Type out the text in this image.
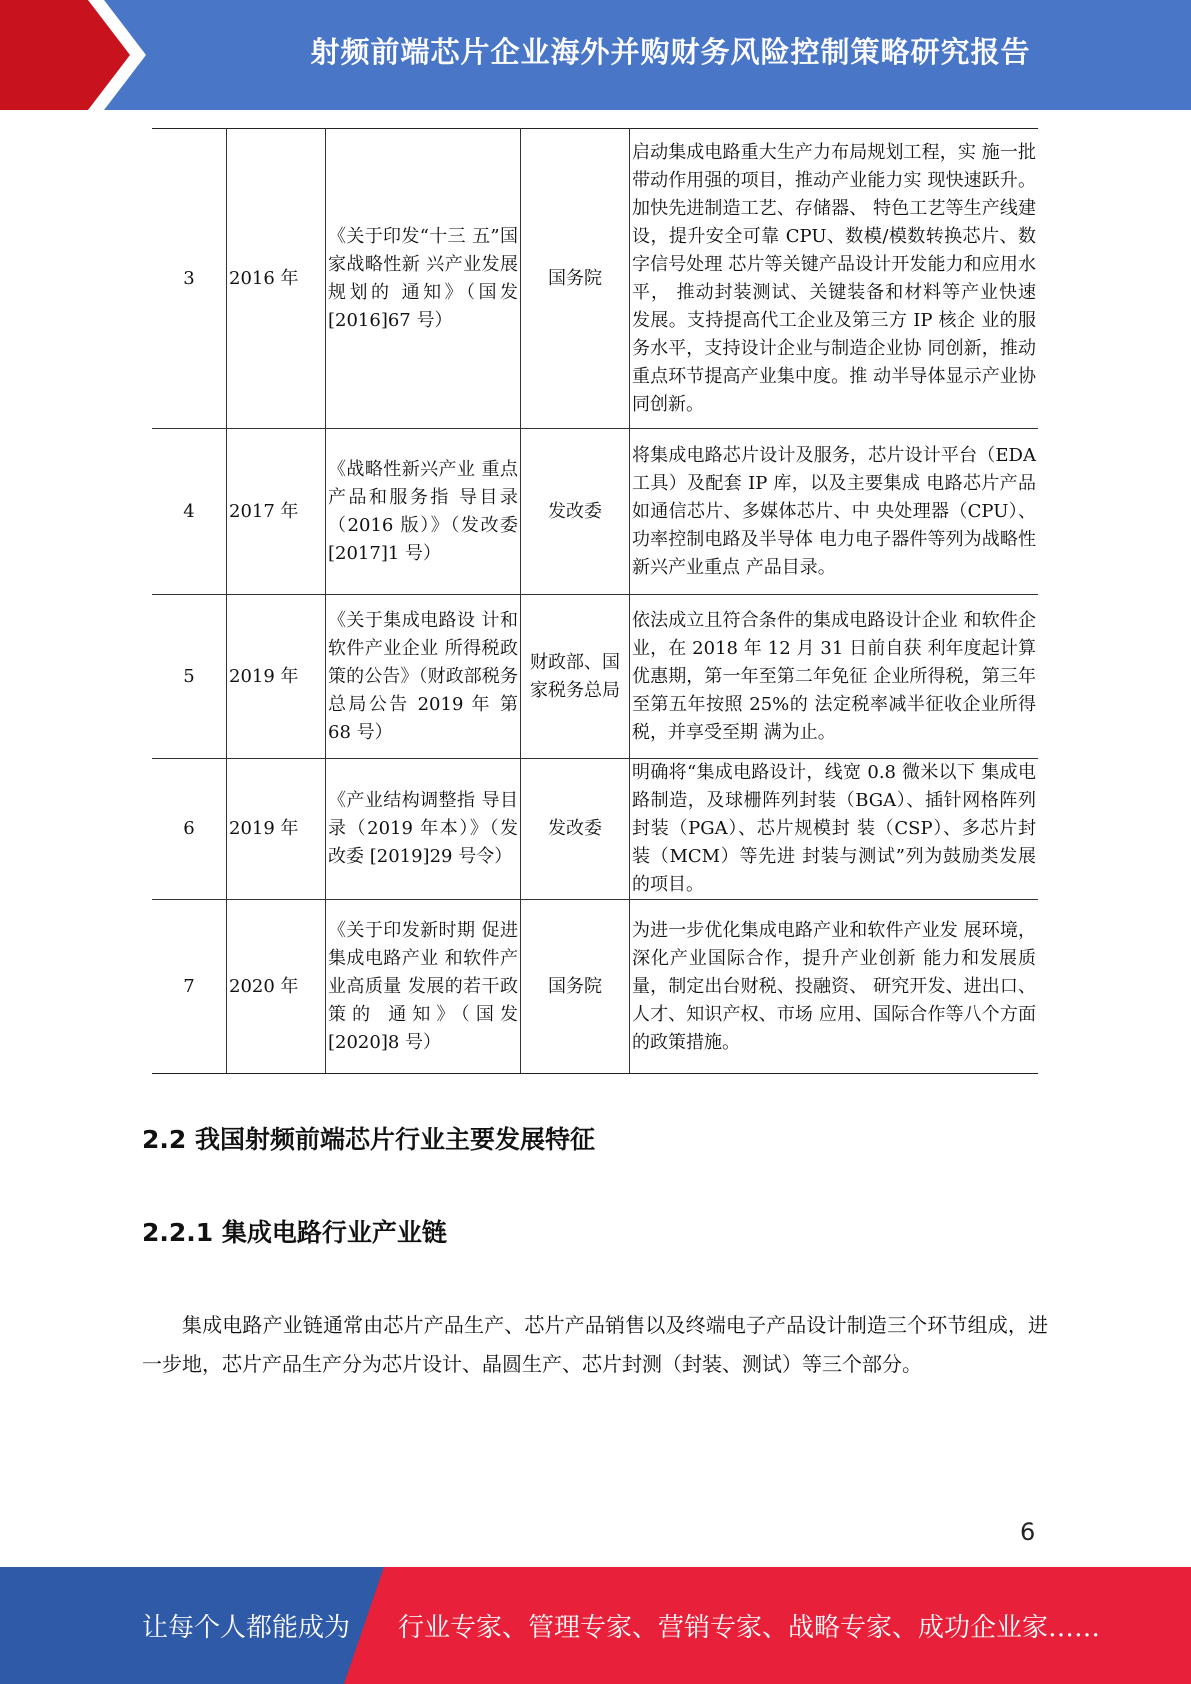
射频前端芯片企业海外并购财务风险控制策略研究报告
3	2016 年	《关于印发“十三 五”国家战略性新 兴产业发展规划的 通知》（国发 [2016]67 号）	国务院	启动集成电路重大生产力布局规划工程，实 施一批带动作用强的项目，推动产业能力实 现快速跃升。加快先进制造工艺、存储器、 特色工艺等生产线建设，提升安全可靠 CPU、数模/模数转换芯片、数字信号处理 芯片等关键产品设计开发能力和应用水平， 推动封装测试、关键装备和材料等产业快速 发展。支持提高代工企业及第三方 IP 核企 业的服务水平，支持设计企业与制造企业协 同创新，推动重点环节提高产业集中度。推 动半导体显示产业协同创新。
4	2017 年	《战略性新兴产业 重点产品和服务指 导目录（2016 版）》（发改委[2017]1 号）	发改委	将集成电路芯片设计及服务，芯片设计平台（EDA 工具）及配套 IP 库，以及主要集成 电路芯片产品如通信芯片、多媒体芯片、中 央处理器（CPU）、功率控制电路及半导体 电力电子器件等列为战略性新兴产业重点 产品目录。
5	2019 年	《关于集成电路设 计和软件产业企业 所得税政策的公告》（财政部税务 总局公告 2019 年 第 68 号）	财政部、国家税务总局	依法成立且符合条件的集成电路设计企业 和软件企业，在 2018 年 12 月 31 日前自获 利年度起计算优惠期，第一年至第二年免征 企业所得税，第三年至第五年按照 25%的 法定税率减半征收企业所得税，并享受至期 满为止。
6	2019 年	《产业结构调整指 导目录（2019 年本）》（发改委 [2019]29 号令）	发改委	明确将“集成电路设计，线宽 0.8 微米以下 集成电路制造，及球栅阵列封装（BGA）、插针网格阵列封装（PGA）、芯片规模封 装（CSP）、多芯片封装（MCM）等先进 封装与测试”列为鼓励类发展的项目。
7	2020 年	《关于印发新时期 促进集成电路产业 和软件产业高质量 发展的若干政策的 通知》（国发[2020]8 号）	国务院	为进一步优化集成电路产业和软件产业发 展环境，深化产业国际合作，提升产业创新 能力和发展质量，制定出台财税、投融资、 研究开发、进出口、人才、知识产权、市场 应用、国际合作等八个方面的政策措施。
2.2 我国射频前端芯片行业主要发展特征
2.2.1 集成电路行业产业链

集成电路产业链通常由芯片产品生产、芯片产品销售以及终端电子产品设计制造三个环节组成，进一步地，芯片产品生产分为芯片设计、晶圆生产、芯片封测（封装、测试）等三个部分。

6
让每个人都能成为 行业专家、管理专家、营销专家、战略专家、成功企业家……
